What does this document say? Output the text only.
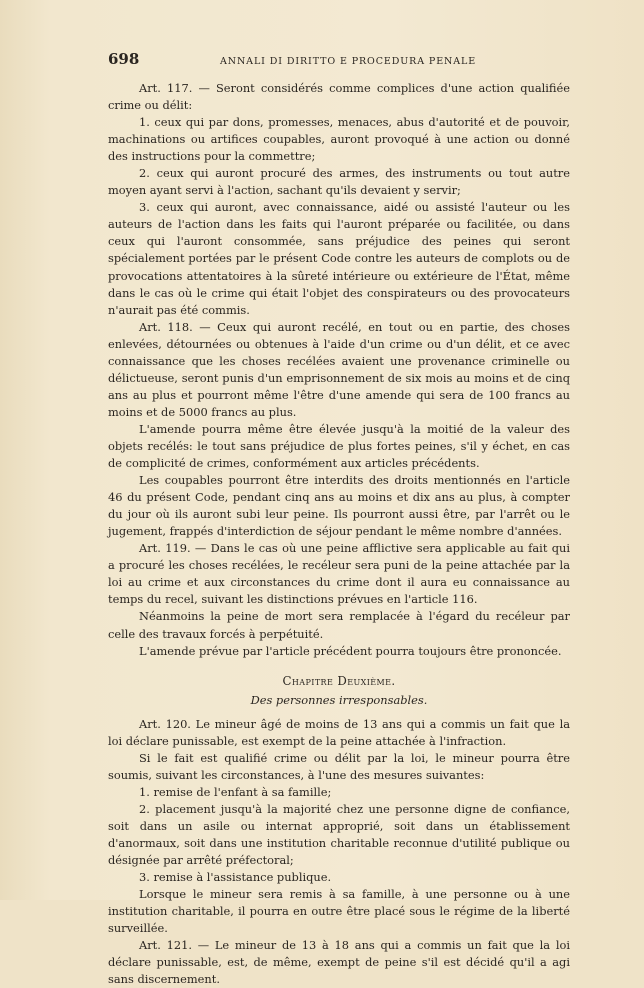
698	ANNALI DI DIRITTO E PROCEDURA PENALE

Art. 117. — Seront considérés comme complices d'une action qualifiée crime ou délit:

1. ceux qui par dons, promesses, menaces, abus d'autorité et de pouvoir, machinations ou artifices coupables, auront provoqué à une action ou donné des instructions pour la commettre;

2. ceux qui auront procuré des armes, des instruments ou tout autre moyen ayant servi à l'action, sachant qu'ils devaient y servir;

3. ceux qui auront, avec connaissance, aidé ou assisté l'auteur ou les auteurs de l'action dans les faits qui l'auront préparée ou facilitée, ou dans ceux qui l'auront consommée, sans préjudice des peines qui seront spécialement portées par le présent Code contre les auteurs de complots ou de provocations attentatoires à la sûreté intérieure ou extérieure de l'État, même dans le cas où le crime qui était l'objet des conspirateurs ou des provocateurs n'aurait pas été commis.

Art. 118. — Ceux qui auront recélé, en tout ou en partie, des choses enlevées, détournées ou obtenues à l'aide d'un crime ou d'un délit, et ce avec connaissance que les choses recélées avaient une provenance criminelle ou délictueuse, seront punis d'un emprisonnement de six mois au moins et de cinq ans au plus et pourront même l'être d'une amende qui sera de 100 francs au moins et de 5000 francs au plus.

L'amende pourra même être élevée jusqu'à la moitié de la valeur des objets recélés: le tout sans préjudice de plus fortes peines, s'il y échet, en cas de complicité de crimes, conformément aux articles précédents.

Les coupables pourront être interdits des droits mentionnés en l'article 46 du présent Code, pendant cinq ans au moins et dix ans au plus, à compter du jour où ils auront subi leur peine. Ils pourront aussi être, par l'arrêt ou le jugement, frappés d'interdiction de séjour pendant le même nombre d'années.

Art. 119. — Dans le cas où une peine afflictive sera applicable au fait qui a procuré les choses recélées, le recéleur sera puni de la peine attachée par la loi au crime et aux circonstances du crime dont il aura eu connaissance au temps du recel, suivant les distinctions prévues en l'article 116.

Néanmoins la peine de mort sera remplacée à l'égard du recéleur par celle des travaux forcés à perpétuité.

L'amende prévue par l'article précédent pourra toujours être prononcée.

Chapitre Deuxième.
Des personnes irresponsables.

Art. 120. Le mineur âgé de moins de 13 ans qui a commis un fait que la loi déclare punissable, est exempt de la peine attachée à l'infraction.

Si le fait est qualifié crime ou délit par la loi, le mineur pourra être soumis, suivant les circonstances, à l'une des mesures suivantes:

1. remise de l'enfant à sa famille;

2. placement jusqu'à la majorité chez une personne digne de confiance, soit dans un asile ou internat approprié, soit dans un établissement d'anormaux, soit dans une institution charitable reconnue d'utilité publique ou désignée par arrêté préfectoral;

3. remise à l'assistance publique.

Lorsque le mineur sera remis à sa famille, à une personne ou à une institution charitable, il pourra en outre être placé sous le régime de la liberté surveillée.

Art. 121. — Le mineur de 13 à 18 ans qui a commis un fait que la loi déclare punissable, est, de même, exempt de peine s'il est décidé qu'il a agi sans discernement.
